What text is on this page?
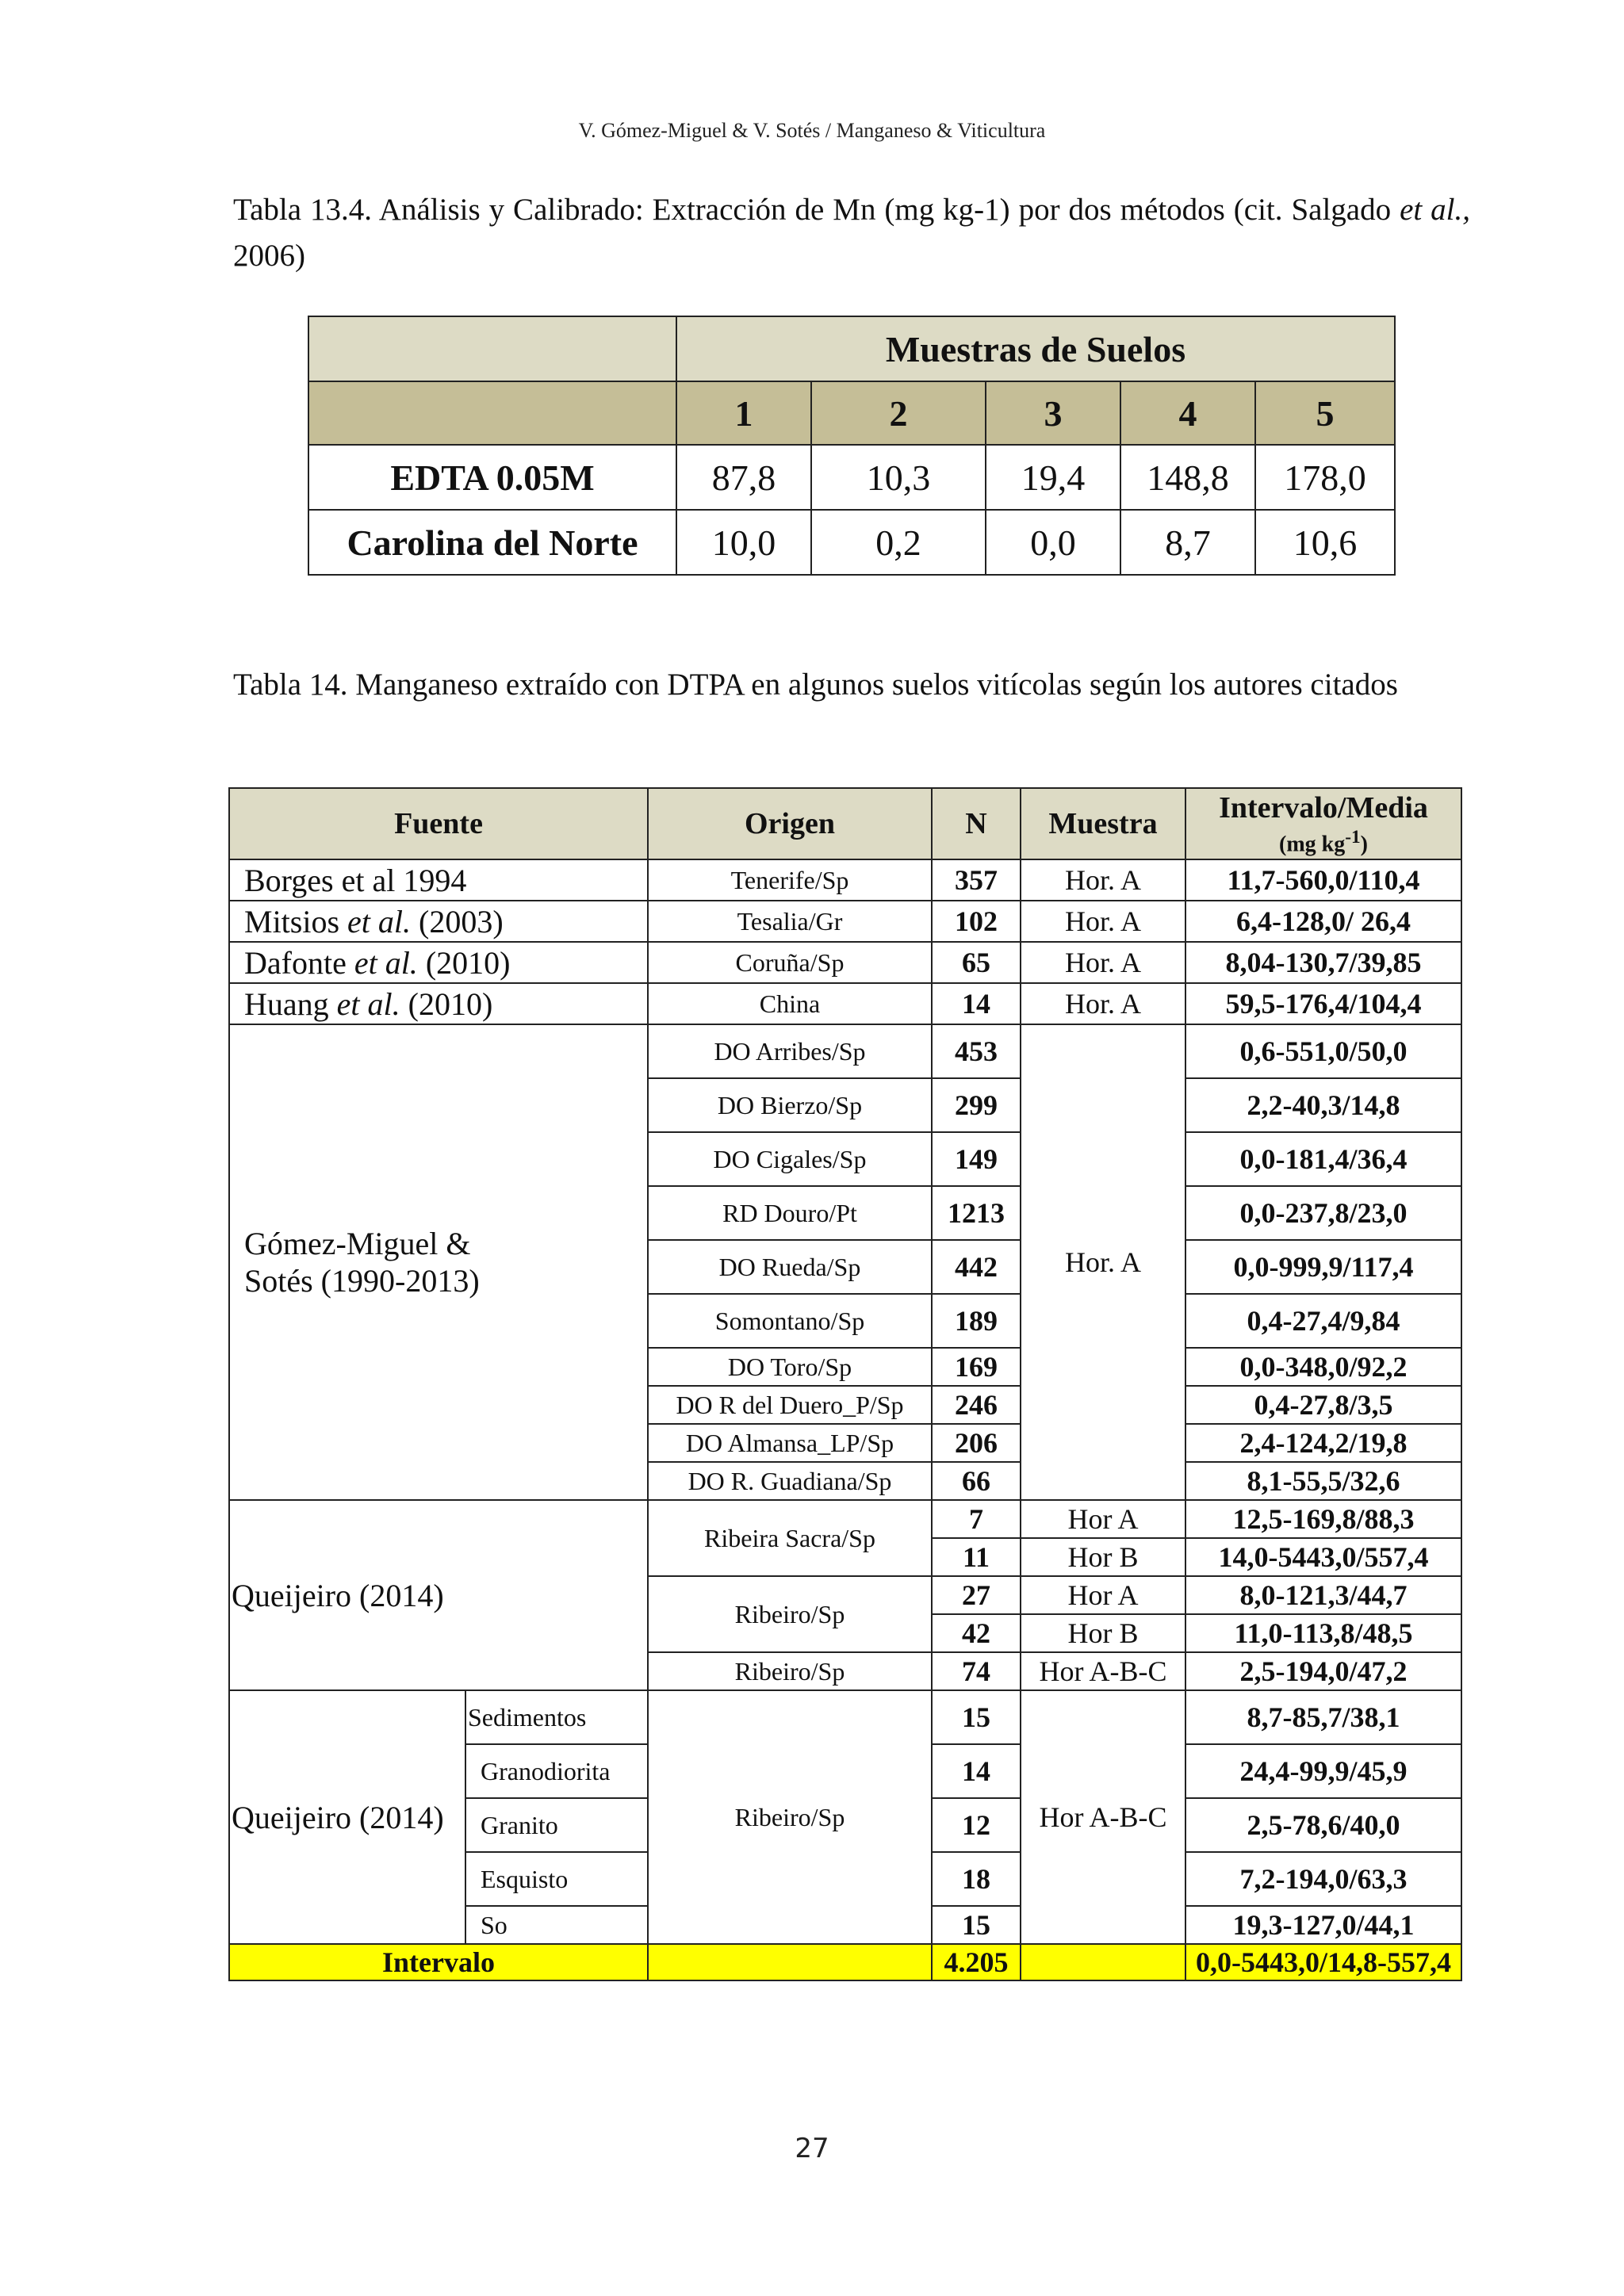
V. Gómez-Miguel & V. Sotés / Manganeso & Viticultura
Tabla 13.4. Análisis y Calibrado: Extracción de Mn (mg kg-1) por dos métodos (cit. Salgado et al., 2006)
	Muestras de Suelos				
	1	2	3	4	5
EDTA 0.05M	87,8	10,3	19,4	148,8	178,0
Carolina del Norte	10,0	0,2	0,0	8,7	10,6
Tabla 14. Manganeso extraído con DTPA en algunos suelos vitícolas según los autores citados
Fuente		Origen	N	Muestra	Intervalo/Media
(mg $kg^{-1}$)

Borges et al 1994		Tenerife/Sp	357	Hor. A	11,7-560,0/110,4
Mitsios et al. (2003)		Tesalia/Gr	102	Hor. A	6,4-128,0/ 26,4
Dafonte et al. (2010)		Coruña/Sp	65	Hor. A	8,04-130,7/39,85
Huang et al. (2010)		China	14	Hor. A	59,5-176,4/104,4
Gómez-Miguel &
Sotés (1990-2013)		DO Arribes/Sp	453	Hor. A	0,6-551,0/50,0
		DO Bierzo/Sp	299		2,2-40,3/14,8
		DO Cigales/Sp	149		0,0-181,4/36,4
		RD Douro/Pt	1213		0,0-237,8/23,0
		DO Rueda/Sp	442		0,0-999,9/117,4
		Somontano/Sp	189		0,4-27,4/9,84
		DO Toro/Sp	169		0,0-348,0/92,2
		DO R del Duero_P/Sp	246		0,4-27,8/3,5
		DO Almansa_LP/Sp	206		2,4-124,2/19,8
		DO R. Guadiana/Sp	66		8,1-55,5/32,6
Queijeiro (2014)		Ribeira Sacra/Sp	7	Hor A	12,5-169,8/88,3
			11	Hor B	14,0-5443,0/557,4
		Ribeiro/Sp	27	Hor A	8,0-121,3/44,7
			42	Hor B	11,0-113,8/48,5
		Ribeiro/Sp	74	Hor A-B-C	2,5-194,0/47,2
Queijeiro (2014)	Sedimentos	Ribeiro/Sp	15	Hor A-B-C	8,7-85,7/38,1
	Granodiorita		14		24,4-99,9/45,9
	Granito		12		2,5-78,6/40,0
	Esquisto		18		7,2-194,0/63,3
	So		15		19,3-127,0/44,1
Intervalo			4.205		0,0-5443,0/14,8-557,4
27
